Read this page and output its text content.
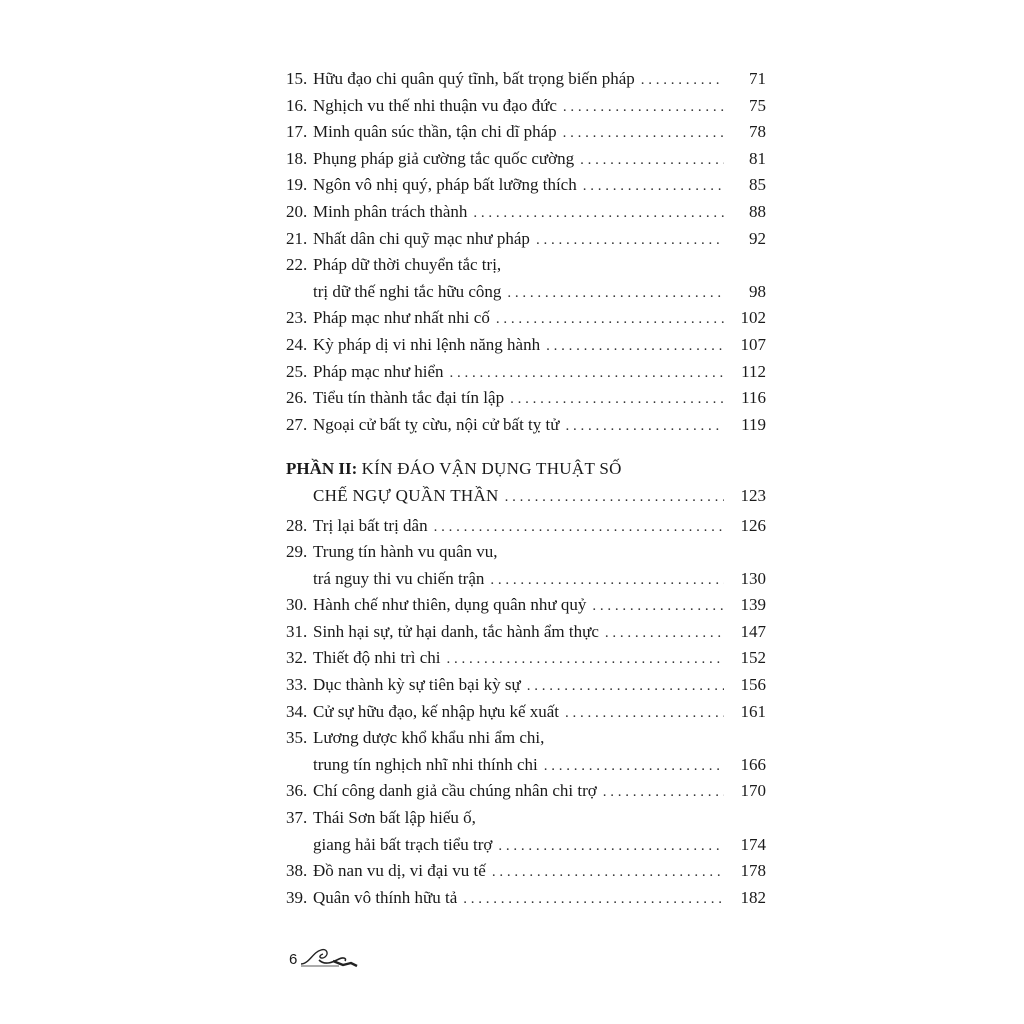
15. Hữu đạo chi quân quý tĩnh, bất trọng biến pháp . . .	71
16. Nghịch vu thế nhi thuận vu đạo đức . . .	75
17. Minh quân súc thần, tận chi dĩ pháp . . .	78
18. Phụng pháp giả cường tắc quốc cường . . .	81
19. Ngôn vô nhị quý, pháp bất lưỡng thích . . .	85
20. Minh phân trách thành . . .	88
21. Nhất dân chi quỹ mạc như pháp . . .	92
22. Pháp dữ thời chuyển tắc trị,
trị dữ thế nghi tắc hữu công . . .	98
23. Pháp mạc như nhất nhi cố . . .	102
24. Kỳ pháp dị vi nhi lệnh năng hành . . .	107
25. Pháp mạc như hiển . . .	112
26. Tiểu tín thành tắc đại tín lập . . .	116
27. Ngoại cử bất tỵ cừu, nội cử bất tỵ tử . . .	119
PHẦN II: KÍN ĐÁO VẬN DỤNG THUẬT SỐ
CHẾ NGỰ QUẦN THẦN . . .	123
28. Trị lại bất trị dân . . .	126
29. Trung tín hành vu quân vu,
trá nguy thi vu chiến trận . . .	130
30. Hành chế như thiên, dụng quân như quỷ . . .	139
31. Sinh hại sự, tử hại danh, tắc hành ẩm thực . . .	147
32. Thiết độ nhi trì chi . . .	152
33. Dục thành kỳ sự tiên bại kỳ sự . . .	156
34. Cử sự hữu đạo, kế nhập hựu kế xuất . . .	161
35. Lương dược khổ khẩu nhi ẩm chi,
trung tín nghịch nhĩ nhi thính chi . . .	166
36. Chí công danh giả cầu chúng nhân chi trợ . . .	170
37. Thái Sơn bất lập hiếu ố,
giang hải bất trạch tiểu trợ . . .	174
38. Đồ nan vu dị, vi đại vu tế . . .	178
39. Quân vô thính hữu tả . . .	182
6
